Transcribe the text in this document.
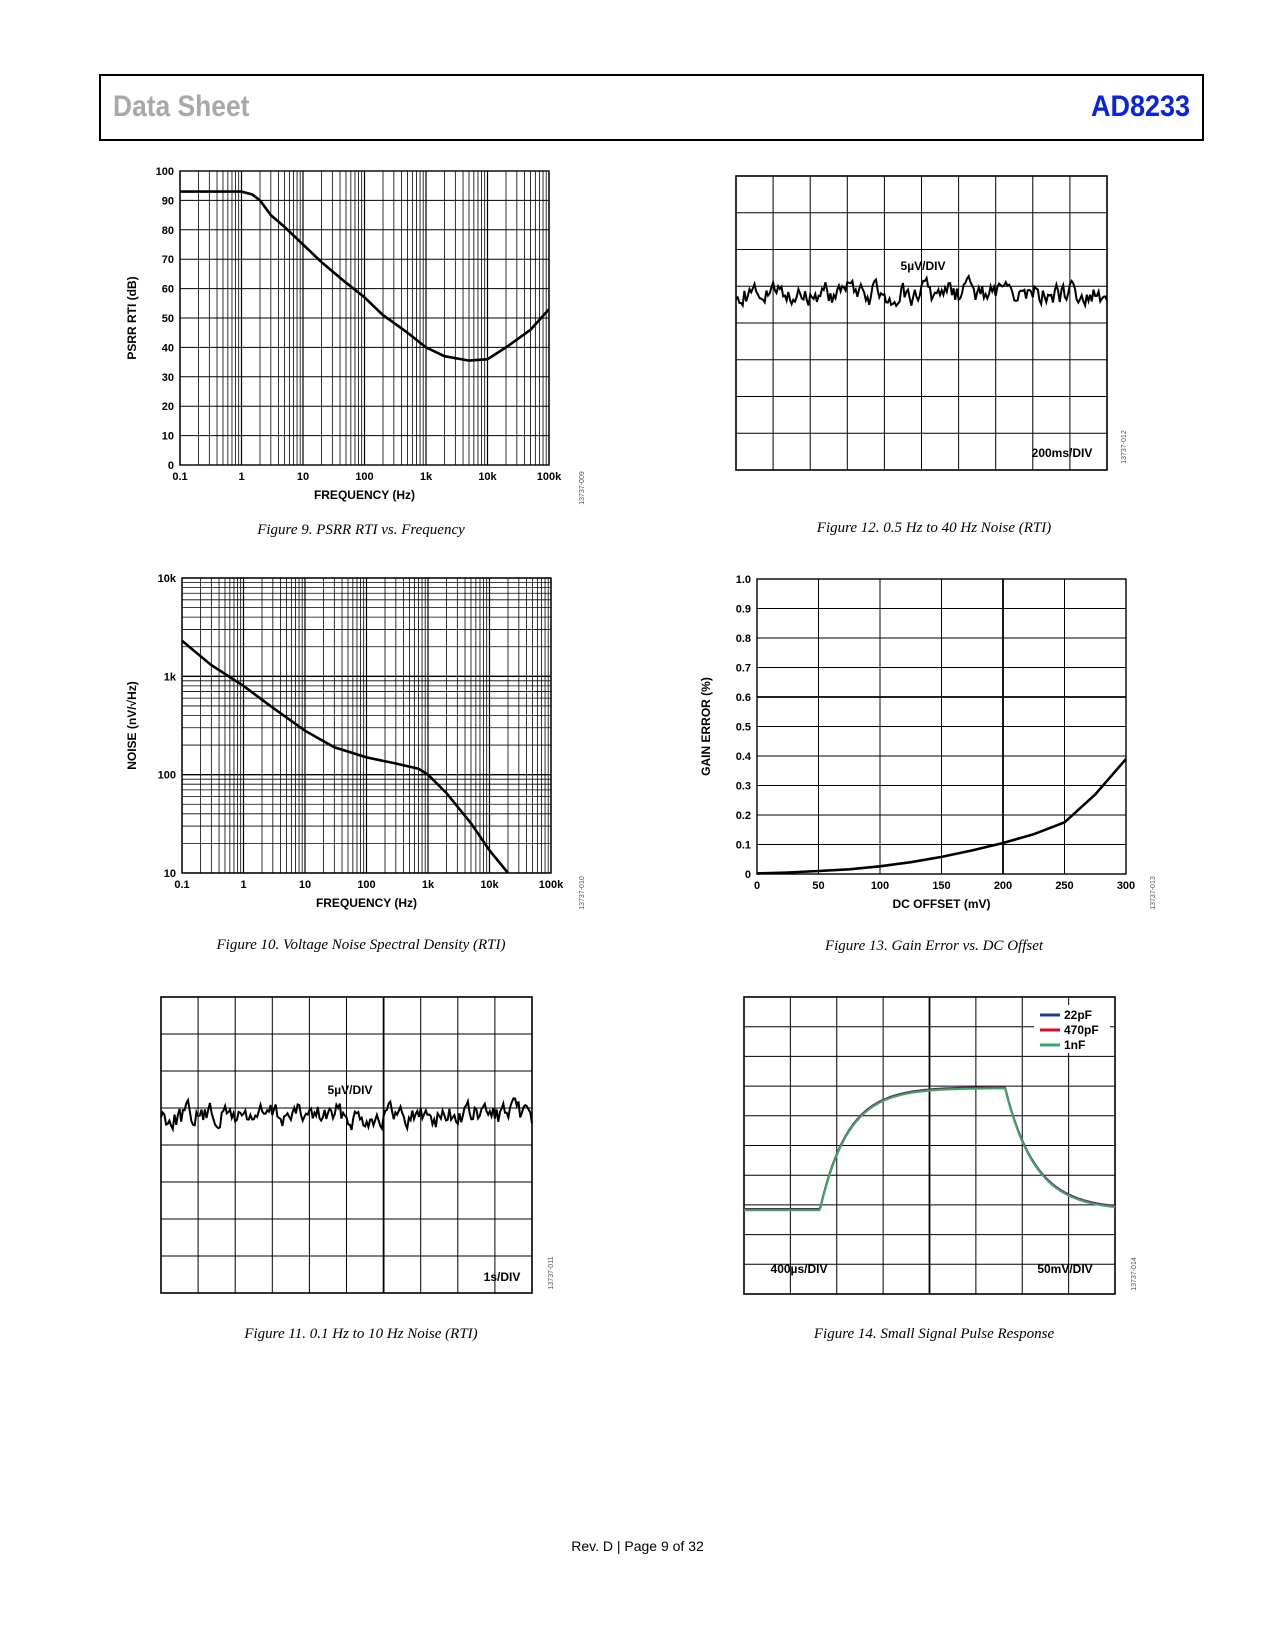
Data Sheet	AD8233
0
10
20
30
40
50
60
70
80
90
100
0.1	1	10	100	1k	10k	100k
FREQUENCY (Hz)
PSRR RTI (dB)
13737-009
10
100
1k
10k
0.1	1	10	100	1k	10k	100k
FREQUENCY (Hz)
NOISE (nV/√Hz)
13737-010
5µV/DIV
1s/DIV	13737-011
5µV/DIV
200ms/DIV	13737-012
0
0.1
0.2
0.3
0.4
0.5
0.6
0.7
0.8
0.9
1.0
0	50	100	150	200	250	300
DC OFFSET (mV)
GAIN ERROR (%)
13737-013
22pF
470pF
1nF
400µs/DIV	50mV/DIV	13737-014
Figure 9. PSRR RTI vs. Frequency	Figure 12. 0.5 Hz to 40 Hz Noise (RTI)
Figure 10. Voltage Noise Spectral Density (RTI)	Figure 13. Gain Error vs. DC Offset
Figure 11. 0.1 Hz to 10 Hz Noise (RTI)	Figure 14. Small Signal Pulse Response
Rev. D | Page 9 of 32
